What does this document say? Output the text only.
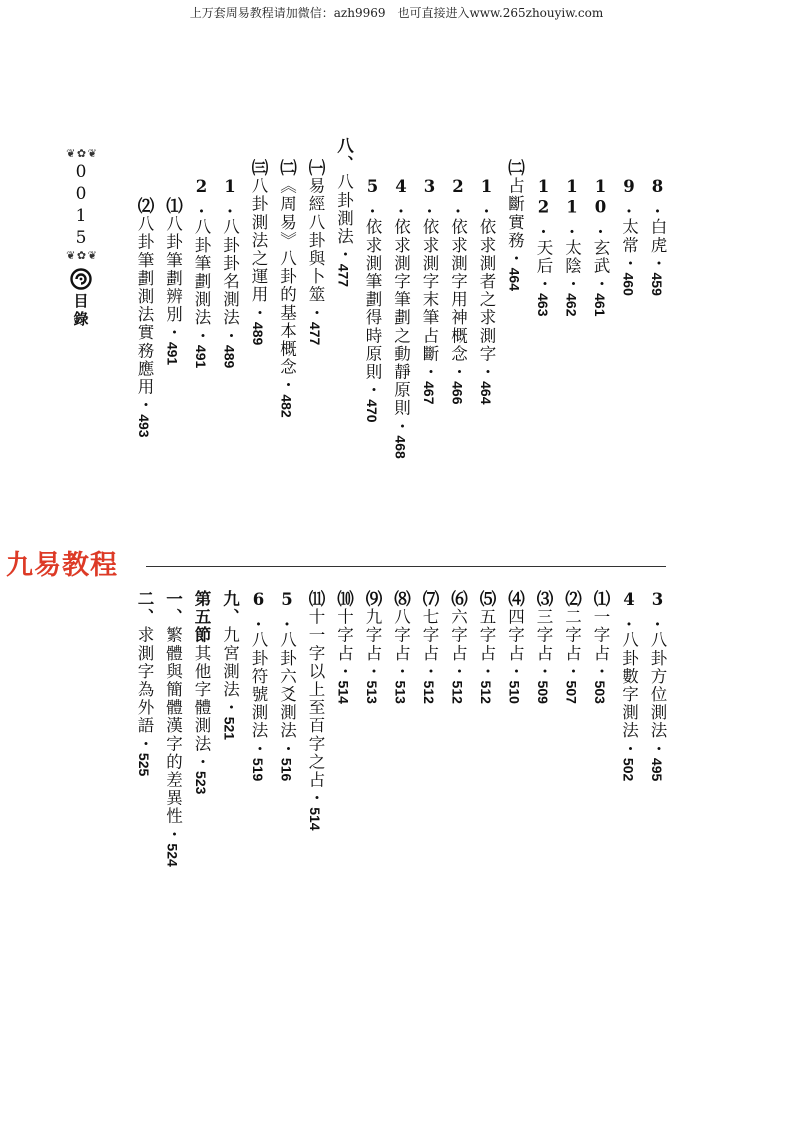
上万套周易教程请加微信：azh9969　也可直接进入www.265zhouyiw.com
❦ ✿ ❦
0
0
1
5
❦ ✿ ❦
目
錄
8.白虎・459
9.太常・460
10.玄武・461
11.太陰・462
12.天后・463
㈡占斷實務・464
1.依求測者之求測字・464
2.依求測字用神概念・466
3.依求測字末筆占斷・467
4.依求測字筆劃之動靜原則・468
5.依求測筆劃得時原則・470
八、八卦測法・477
㈠易經八卦與卜筮・477
㈡《周易》八卦的基本概念・482
㈢八卦測法之運用・489
1.八卦卦名測法・489
2.八卦筆劃測法・491
⑴八卦筆劃辨別・491
⑵八卦筆劃測法實務應用・493
九易教程
3.八卦方位測法・495
4.八卦數字測法・502
⑴一字占・503
⑵二字占・507
⑶三字占・509
⑷四字占・510
⑸五字占・512
⑹六字占・512
⑺七字占・512
⑻八字占・513
⑼九字占・513
⑽十字占・514
⑾十一字以上至百字之占・514
5.八卦六爻測法・516
6.八卦符號測法・519
九、九宮測法・521
第五節其他字體測法・523
一、繁體與簡體漢字的差異性・524
二、求測字為外語・525
